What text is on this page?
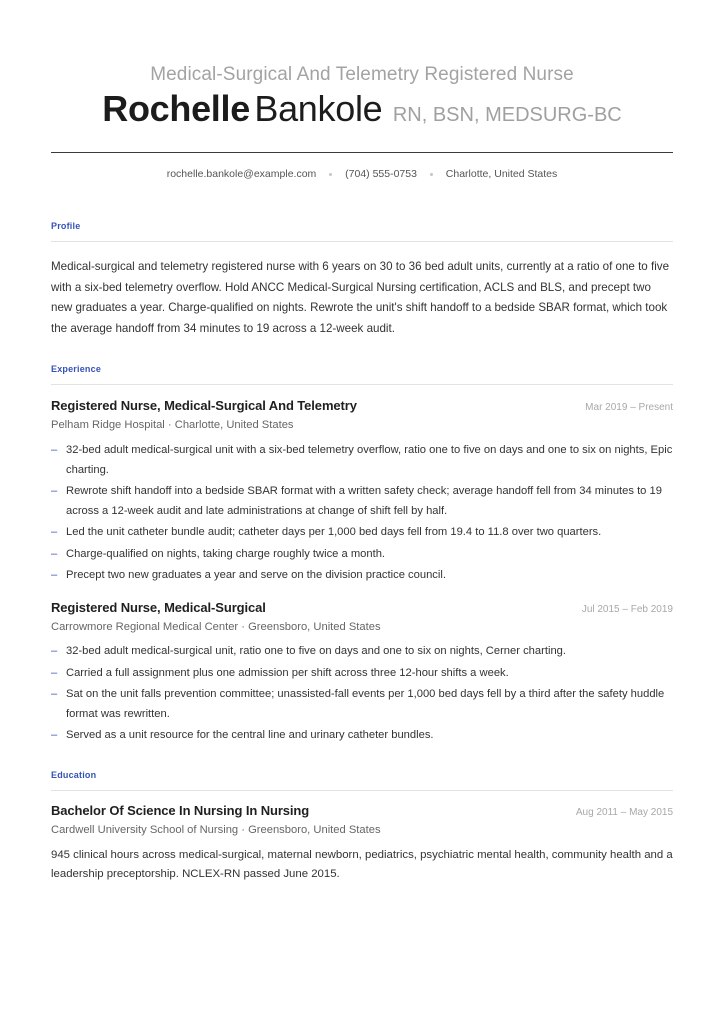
Medical-Surgical And Telemetry Registered Nurse
Rochelle Bankole RN, BSN, MEDSURG-BC
rochelle.bankole@example.com	(704) 555-0753	Charlotte, United States
Profile
Medical-surgical and telemetry registered nurse with 6 years on 30 to 36 bed adult units, currently at a ratio of one to five with a six-bed telemetry overflow. Hold ANCC Medical-Surgical Nursing certification, ACLS and BLS, and precept two new graduates a year. Charge-qualified on nights. Rewrote the unit's shift handoff to a bedside SBAR format, which took the average handoff from 34 minutes to 19 across a 12-week audit.
Experience
Registered Nurse, Medical-Surgical And Telemetry	Mar 2019 – Present
Pelham Ridge Hospital · Charlotte, United States
– 32-bed adult medical-surgical unit with a six-bed telemetry overflow, ratio one to five on days and one to six on nights, Epic charting.
– Rewrote shift handoff into a bedside SBAR format with a written safety check; average handoff fell from 34 minutes to 19 across a 12-week audit and late administrations at change of shift fell by half.
– Led the unit catheter bundle audit; catheter days per 1,000 bed days fell from 19.4 to 11.8 over two quarters.
– Charge-qualified on nights, taking charge roughly twice a month.
– Precept two new graduates a year and serve on the division practice council.
Registered Nurse, Medical-Surgical	Jul 2015 – Feb 2019
Carrowmore Regional Medical Center · Greensboro, United States
– 32-bed adult medical-surgical unit, ratio one to five on days and one to six on nights, Cerner charting.
– Carried a full assignment plus one admission per shift across three 12-hour shifts a week.
– Sat on the unit falls prevention committee; unassisted-fall events per 1,000 bed days fell by a third after the safety huddle format was rewritten.
– Served as a unit resource for the central line and urinary catheter bundles.
Education
Bachelor Of Science In Nursing In Nursing	Aug 2011 – May 2015
Cardwell University School of Nursing · Greensboro, United States
945 clinical hours across medical-surgical, maternal newborn, pediatrics, psychiatric mental health, community health and a leadership preceptorship. NCLEX-RN passed June 2015.
